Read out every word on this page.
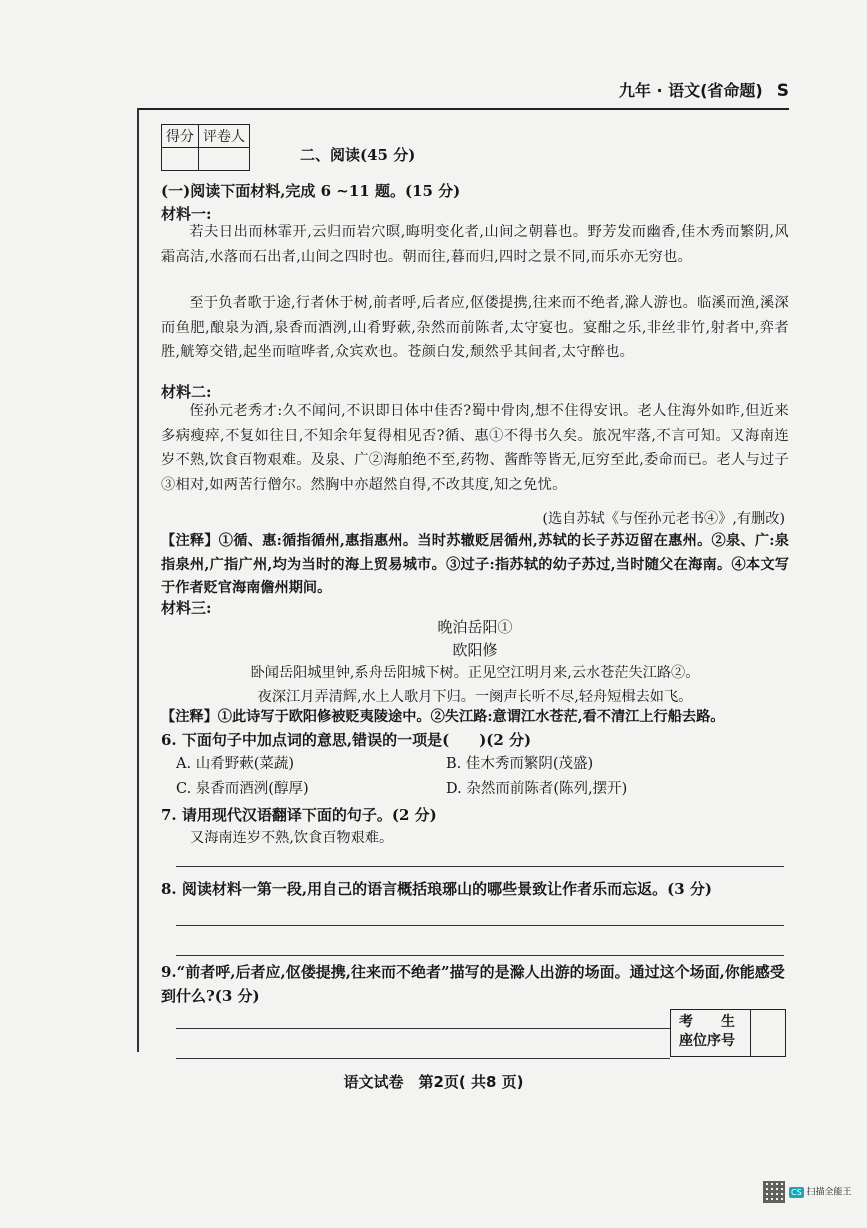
九年 · 语文(省命题) S
得分	评卷人

二、阅读(45 分)
(一)阅读下面材料,完成 6 ~11 题。(15 分)
材料一:
若夫日出而林霏开,云归而岩穴暝,晦明变化者,山间之朝暮也。野芳发而幽香,佳木秀而繁阴,风霜高洁,水落而石出者,山间之四时也。朝而往,暮而归,四时之景不同,而乐亦无穷也。
至于负者歌于途,行者休于树,前者呼,后者应,伛偻提携,往来而不绝者,滁人游也。临溪而渔,溪深而鱼肥,酿泉为酒,泉香而酒洌,山肴野蔌,杂然而前陈者,太守宴也。宴酣之乐,非丝非竹,射者中,弈者胜,觥筹交错,起坐而喧哗者,众宾欢也。苍颜白发,颓然乎其间者,太守醉也。
材料二:
侄孙元老秀才:久不闻问,不识即日体中佳否?蜀中骨肉,想不住得安讯。老人住海外如昨,但近来多病瘦瘁,不复如往日,不知余年复得相见否?循、惠①不得书久矣。旅况牢落,不言可知。又海南连岁不熟,饮食百物艰难。及泉、广②海舶绝不至,药物、酱酢等皆无,厄穷至此,委命而已。老人与过子③相对,如两苦行僧尔。然胸中亦超然自得,不改其度,知之免忧。
(选自苏轼《与侄孙元老书④》,有删改)
【注释】①循、惠:循指循州,惠指惠州。当时苏辙贬居循州,苏轼的长子苏迈留在惠州。②泉、广:泉指泉州,广指广州,均为当时的海上贸易城市。③过子:指苏轼的幼子苏过,当时随父在海南。④本文写于作者贬官海南儋州期间。
材料三:
晚泊岳阳①
欧阳修
卧闻岳阳城里钟,系舟岳阳城下树。正见空江明月来,云水苍茫失江路②。
夜深江月弄清辉,水上人歌月下归。一阕声长听不尽,轻舟短楫去如飞。
【注释】①此诗写于欧阳修被贬夷陵途中。②失江路:意谓江水苍茫,看不清江上行船去路。
6. 下面句子中加点词的意思,错误的一项是(　　)(2 分)
A. 山肴野蔌(菜蔬)	B. 佳木秀而繁阴(茂盛)
C. 泉香而酒洌(醇厚)	D. 杂然而前陈者(陈列,摆开)
7. 请用现代汉语翻译下面的句子。(2 分)
又海南连岁不熟,饮食百物艰难。
8. 阅读材料一第一段,用自己的语言概括琅琊山的哪些景致让作者乐而忘返。(3 分)
9.“前者呼,后者应,伛偻提携,往来而不绝者”描写的是滁人出游的场面。通过这个场面,你能感受到什么?(3 分)
考　　生
座位序号
语文试卷　第2页( 共8 页)
CS 扫描全能王
